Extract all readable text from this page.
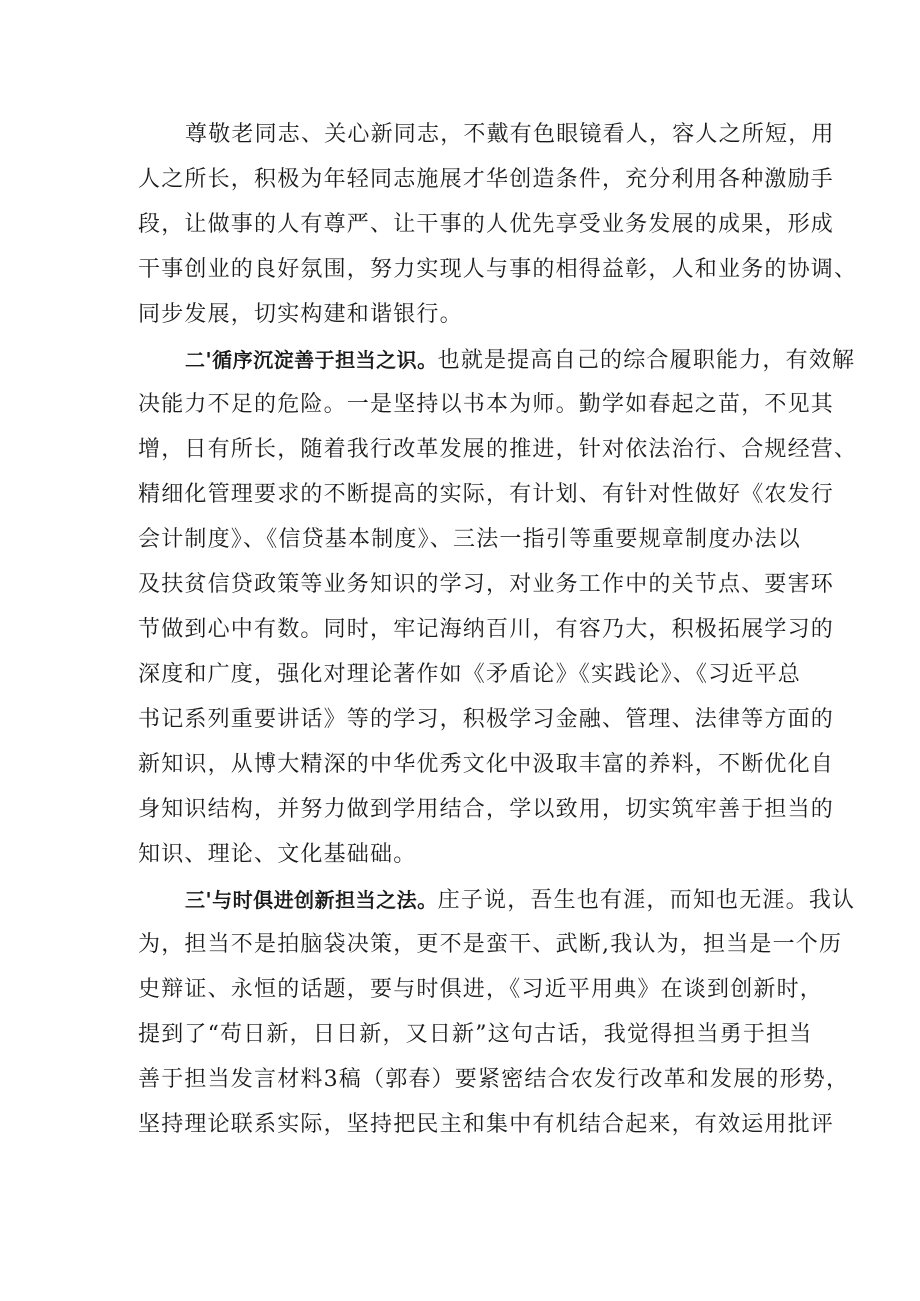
尊敬老同志、关心新同志，不戴有色眼镜看人，容人之所短，用
人之所长，积极为年轻同志施展才华创造条件，充分利用各种激励手
段，让做事的人有尊严、让干事的人优先享受业务发展的成果，形成
干事创业的良好氛围，努力实现人与事的相得益彰，人和业务的协调、
同步发展，切实构建和谐银行。
二'循序沉淀善于担当之识。也就是提高自己的综合履职能力，有效解
决能力不足的危险。一是坚持以书本为师。勤学如春起之苗，不见其
增，日有所长，随着我行改革发展的推进，针对依法治行、合规经营、
精细化管理要求的不断提高的实际，有计划、有针对性做好《农发行
会计制度》、《信贷基本制度》、三法一指引等重要规章制度办法以
及扶贫信贷政策等业务知识的学习，对业务工作中的关节点、要害环
节做到心中有数。同时，牢记海纳百川，有容乃大，积极拓展学习的
深度和广度，强化对理论著作如《矛盾论》《实践论》、《习近平总
书记系列重要讲话》等的学习，积极学习金融、管理、法律等方面的
新知识，从博大精深的中华优秀文化中汲取丰富的养料，不断优化自
身知识结构，并努力做到学用结合，学以致用，切实筑牢善于担当的
知识、理论、文化基础础。
三'与时俱进创新担当之法。庄子说，吾生也有涯，而知也无涯。我认
为，担当不是拍脑袋决策，更不是蛮干、武断,我认为，担当是一个历
史辩证、永恒的话题，要与时俱进，《习近平用典》在谈到创新时，
提到了“苟日新，日日新，又日新”这句古话，我觉得担当勇于担当
善于担当发言材料3稿（郭春）要紧密结合农发行改革和发展的形势，
坚持理论联系实际，坚持把民主和集中有机结合起来，有效运用批评
